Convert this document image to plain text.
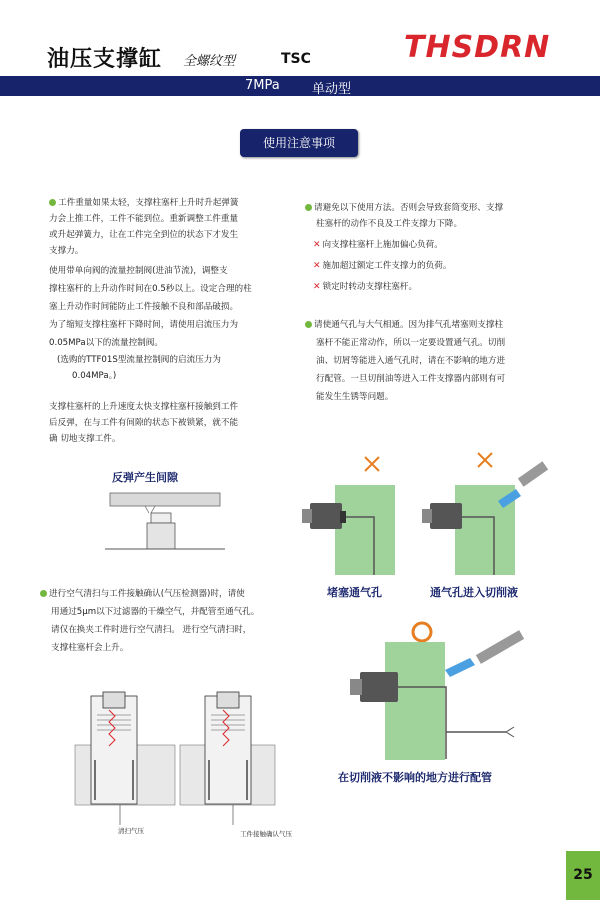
油压支撑缸 全螺纹型	TSC	THSDRN
7MPa 单动型
使用注意事项
工件重量如果太轻，支撑柱塞杆上升时升起弹簧
力会上推工件，工件不能到位。重新调整工件重量
或升起弹簧力，让在工件完全到位的状态下才发生
支撑力。
使用带单向阀的流量控制阀(进油节流)，调整支
撑柱塞杆的上升动作时间在0.5秒以上。设定合理的柱
塞上升动作时间能防止工件接触不良和部品破损。
为了缩短支撑柱塞杆下降时间，请使用启流压力为
0.05MPa以下的流量控制阀。
(选购的TTF01S型流量控制阀的启流压力为
0.04MPa。)
支撑柱塞杆的上升速度太快支撑柱塞杆接触到工件
后反弹，在与工件有间隙的状态下被锁紧，就不能
确 切地支撑工件。
反弹产生间隙
进行空气清扫与工件接触确认(气压检测器)时，请使
用通过5μm以下过滤器的干燥空气，并配管至通气孔。
请仅在换夹工件时进行空气清扫。 进行空气清扫时，
支撑柱塞杆会上升。
清扫气压	工件接触确认气压
请避免以下使用方法。否则会导致套筒变形、支撑
柱塞杆的动作不良及工件支撑力下降。
✕ 向支撑柱塞杆上施加偏心负荷。
✕ 施加超过额定工件支撑力的负荷。
✕ 锁定时转动支撑柱塞杆。
请使通气孔与大气相通。因为排气孔堵塞则支撑柱
塞杆不能正常动作，所以一定要设置通气孔。切削
油、切屑等能进入通气孔时，请在不影响的地方进
行配管。一旦切削油等进入工件支撑器内部则有可
能发生生锈等问题。
堵塞通气孔	通气孔进入切削液
在切削液不影响的地方进行配管
25
